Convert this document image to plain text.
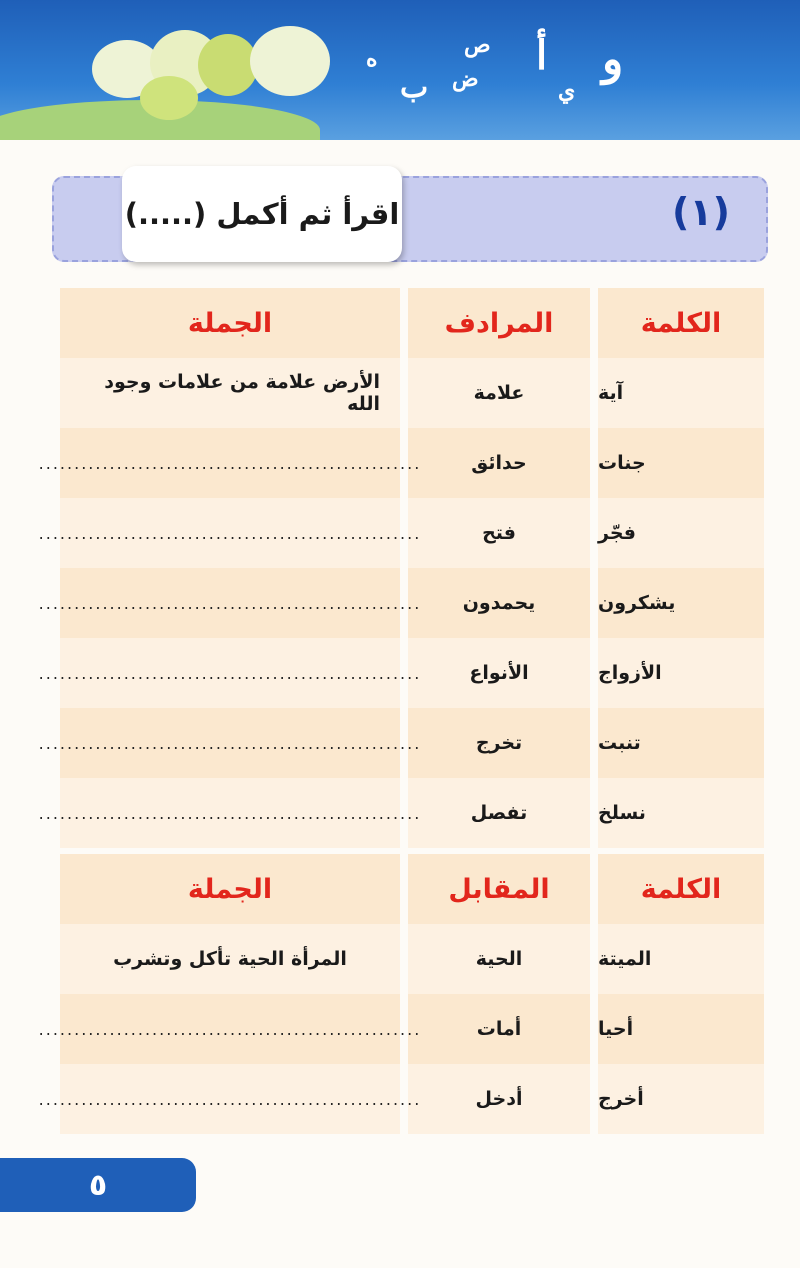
ب ض
ص أ
ي
و
ه
(١)
اقرأ ثم أكمل (.....)
الكلمة
المرادف
الجملة
آية
علامة
الأرض علامة من علامات وجود الله
جنات
حدائق
......................................................
فجّر
فتح
......................................................
يشكرون
يحمدون
......................................................
الأزواج
الأنواع
......................................................
تنبت
تخرج
......................................................
نسلخ
تفصل
......................................................
الكلمة
المقابل
الجملة
الميتة
الحية
المرأة الحية تأكل وتشرب
أحيا
أمات
......................................................
أخرج
أدخل
......................................................
٥
